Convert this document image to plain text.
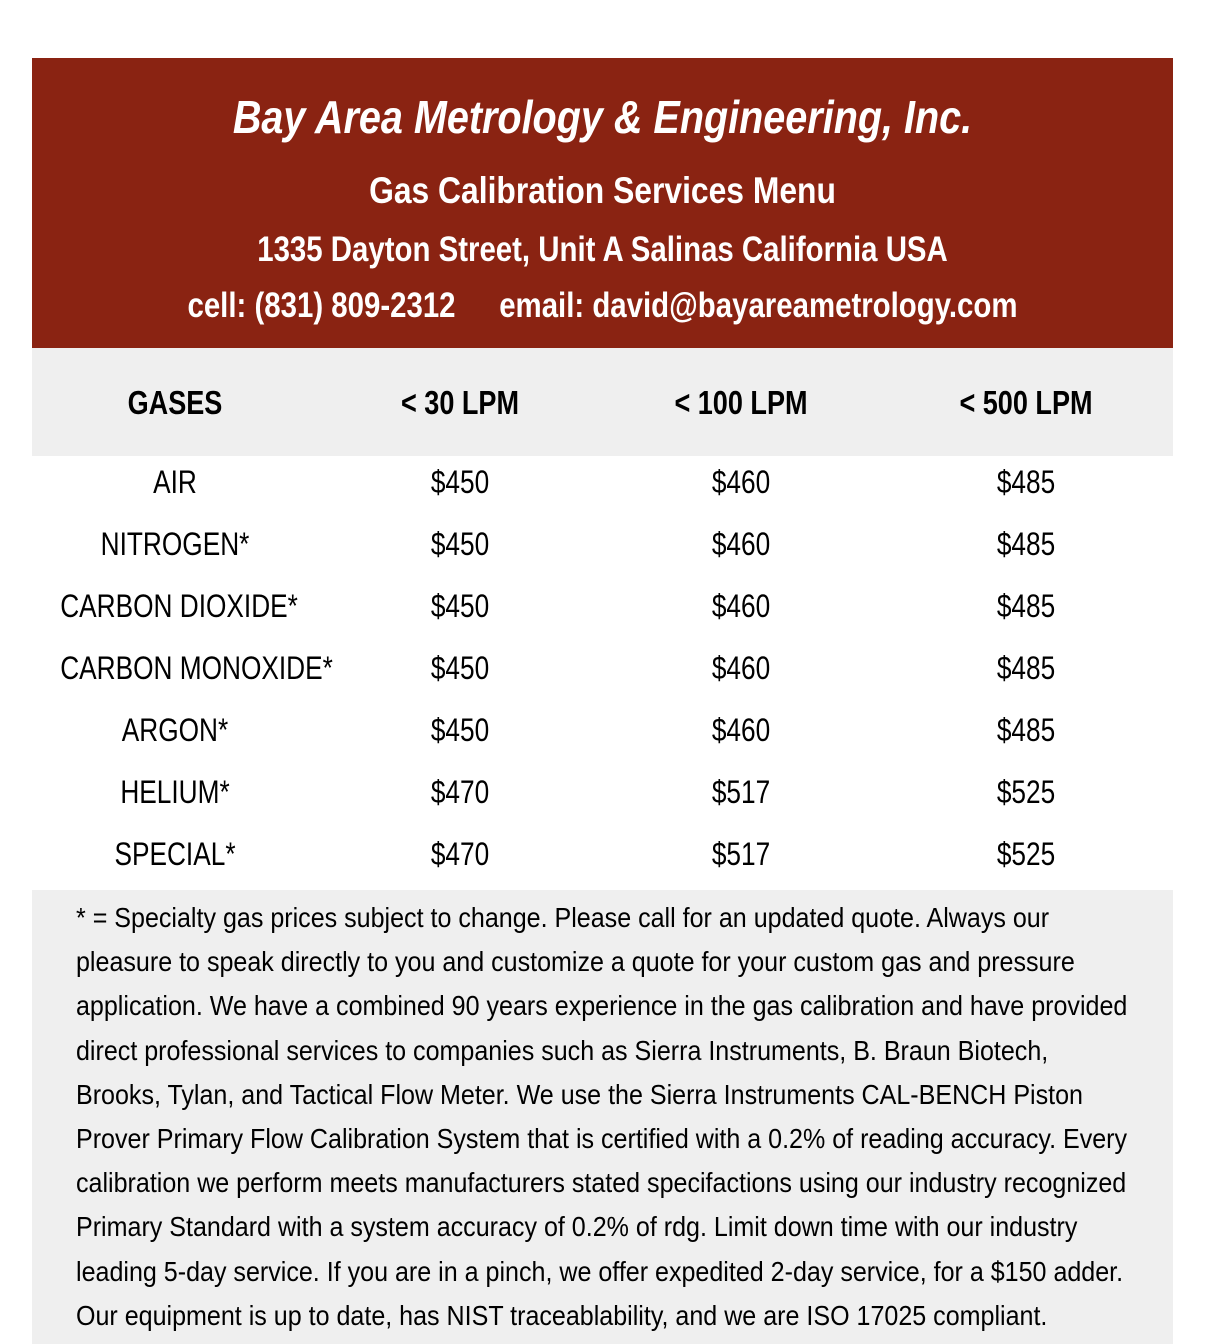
Bay Area Metrology & Engineering, Inc.
Gas Calibration Services Menu
1335 Dayton Street, Unit A Salinas California USA
cell: (831) 809-2312 email: david@bayareametrology.com
GASES	< 30 LPM	< 100 LPM	< 500 LPM
AIR	$450	$460	$485
NITROGEN*	$450	$460	$485
CARBON DIOXIDE*	$450	$460	$485
CARBON MONOXIDE*	$450	$460	$485
ARGON*	$450	$460	$485
HELIUM*	$470	$517	$525
SPECIAL*	$470	$517	$525

* = Specialty gas prices subject to change. Please call for an updated quote. Always our pleasure to speak directly to you and customize a quote for your custom gas and pressure application. We have a combined 90 years experience in the gas calibration and have provided direct professional services to companies such as Sierra Instruments, B. Braun Biotech, Brooks, Tylan, and Tactical Flow Meter. We use the Sierra Instruments CAL-BENCH Piston Prover Primary Flow Calibration System that is certified with a 0.2% of reading accuracy. Every calibration we perform meets manufacturers stated specifactions using our industry recognized Primary Standard with a system accuracy of 0.2% of rdg. Limit down time with our industry leading 5-day service. If you are in a pinch, we offer expedited 2-day service, for a $150 adder. Our equipment is up to date, has NIST traceablability, and we are ISO 17025 compliant.
